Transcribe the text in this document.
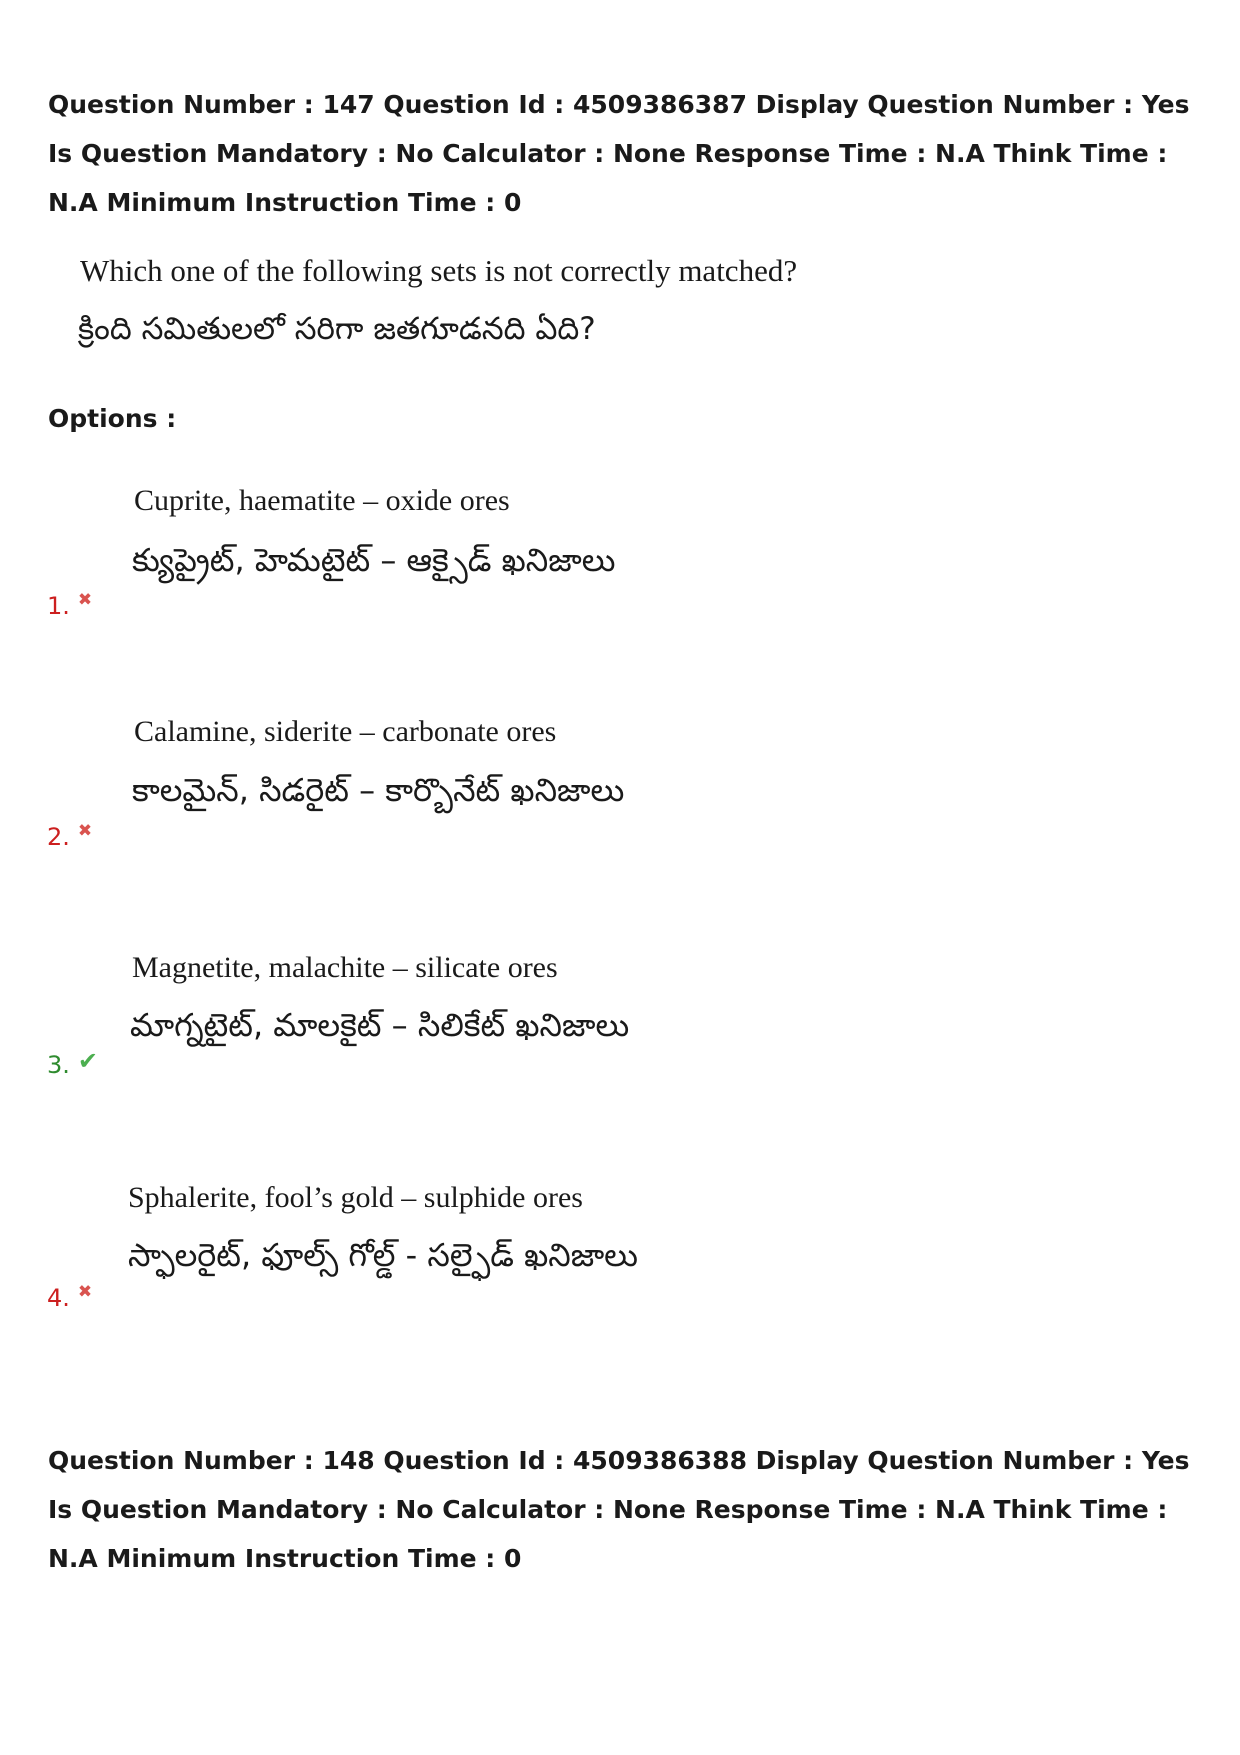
Question Number : 147 Question Id : 4509386387 Display Question Number : Yes Is Question Mandatory : No Calculator : None Response Time : N.A Think Time : N.A Minimum Instruction Time : 0

Which one of the following sets is not correctly matched?

క్రింది సమితులలో సరిగా జతగూడనది ఏది?

Options :

Cuprite, haematite – oxide ores

క్యుప్రైట్, హెమటైట్ – ఆక్సైడ్ ఖనిజాలు

1. ✖

Calamine, siderite – carbonate ores

కాలమైన్, సిడరైట్ – కార్బొనేట్ ఖనిజాలు

2. ✖

Magnetite, malachite – silicate ores

మాగ్నటైట్, మాలకైట్ – సిలికేట్ ఖనిజాలు

3. ✔

Sphalerite, fool’s gold – sulphide ores

స్ఫాలరైట్, ఫూల్స్ గోల్డ్ - సల్ఫైడ్ ఖనిజాలు

4. ✖

Question Number : 148 Question Id : 4509386388 Display Question Number : Yes Is Question Mandatory : No Calculator : None Response Time : N.A Think Time : N.A Minimum Instruction Time : 0
